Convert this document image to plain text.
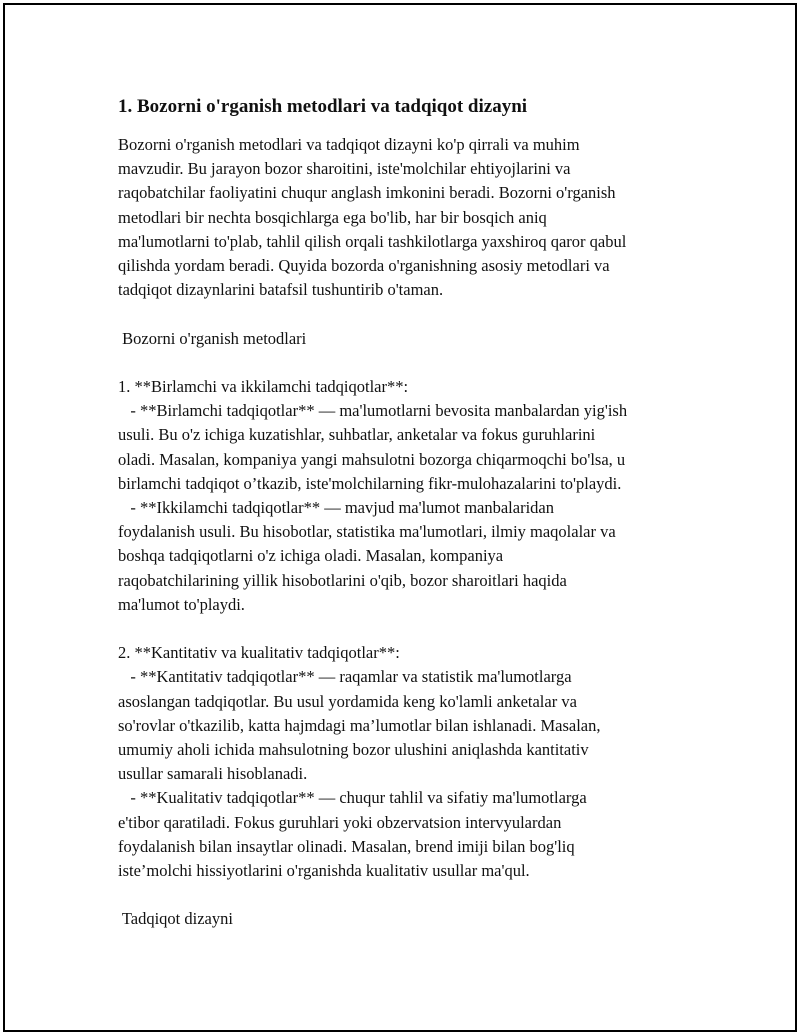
1. Bozorni o'rganish metodlari va tadqiqot dizayni
Bozorni o'rganish metodlari va tadqiqot dizayni ko'p qirrali va muhim
mavzudir. Bu jarayon bozor sharoitini, iste'molchilar ehtiyojlarini va
raqobatchilar faoliyatini chuqur anglash imkonini beradi. Bozorni o'rganish
metodlari bir nechta bosqichlarga ega bo'lib, har bir bosqich aniq
ma'lumotlarni to'plab, tahlil qilish orqali tashkilotlarga yaxshiroq qaror qabul
qilishda yordam beradi. Quyida bozorda o'rganishning asosiy metodlari va
tadqiqot dizaynlarini batafsil tushuntirib o'taman.
Bozorni o'rganish metodlari
1. **Birlamchi va ikkilamchi tadqiqotlar**:
- **Birlamchi tadqiqotlar** — ma'lumotlarni bevosita manbalardan yig'ish
usuli. Bu o'z ichiga kuzatishlar, suhbatlar, anketalar va fokus guruhlarini
oladi. Masalan, kompaniya yangi mahsulotni bozorga chiqarmoqchi bo'lsa, u
birlamchi tadqiqot o’tkazib, iste'molchilarning fikr-mulohazalarini to'playdi.
- **Ikkilamchi tadqiqotlar** — mavjud ma'lumot manbalaridan
foydalanish usuli. Bu hisobotlar, statistika ma'lumotlari, ilmiy maqolalar va
boshqa tadqiqotlarni o'z ichiga oladi. Masalan, kompaniya
raqobatchilarining yillik hisobotlarini o'qib, bozor sharoitlari haqida
ma'lumot to'playdi.
2. **Kantitativ va kualitativ tadqiqotlar**:
- **Kantitativ tadqiqotlar** — raqamlar va statistik ma'lumotlarga
asoslangan tadqiqotlar. Bu usul yordamida keng ko'lamli anketalar va
so'rovlar o'tkazilib, katta hajmdagi ma’lumotlar bilan ishlanadi. Masalan,
umumiy aholi ichida mahsulotning bozor ulushini aniqlashda kantitativ
usullar samarali hisoblanadi.
- **Kualitativ tadqiqotlar** — chuqur tahlil va sifatiy ma'lumotlarga
e'tibor qaratiladi. Fokus guruhlari yoki obzervatsion intervyulardan
foydalanish bilan insaytlar olinadi. Masalan, brend imiji bilan bog'liq
iste’molchi hissiyotlarini o'rganishda kualitativ usullar ma'qul.
Tadqiqot dizayni
